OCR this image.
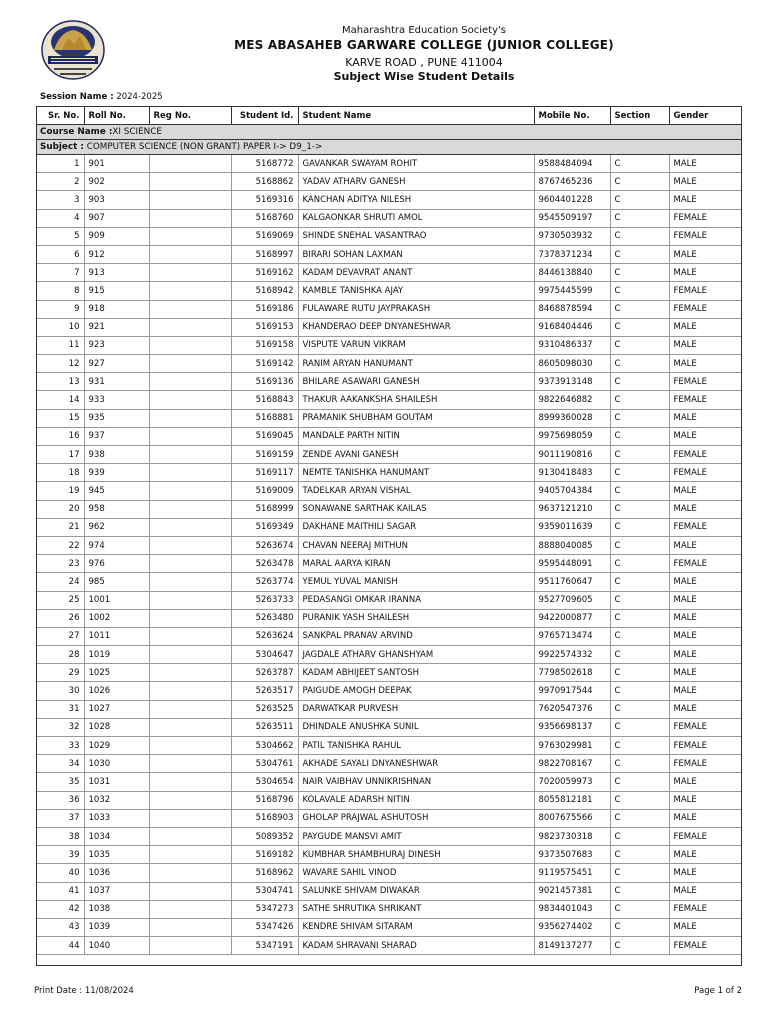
Maharashtra Education Society's
MES ABASAHEB GARWARE COLLEGE (JUNIOR COLLEGE)
KARVE ROAD , PUNE 411004
Subject Wise Student Details
Session Name : 2024-2025
Sr. No.	Roll No.	Reg No.	Student Id.	Student Name	Mobile No.	Section	Gender
Course Name :XI SCIENCE							
Subject : COMPUTER SCIENCE (NON GRANT) PAPER I-> D9_1->							
1	901		5168772	GAVANKAR SWAYAM ROHIT	9588484094	C	MALE
2	902		5168862	YADAV ATHARV GANESH	8767465236	C	MALE
3	903		5169316	KANCHAN ADITYA NILESH	9604401228	C	MALE
4	907		5168760	KALGAONKAR SHRUTI AMOL	9545509197	C	FEMALE
5	909		5169069	SHINDE SNEHAL VASANTRAO	9730503932	C	FEMALE
6	912		5168997	BIRARI SOHAN LAXMAN	7378371234	C	MALE
7	913		5169162	KADAM DEVAVRAT ANANT	8446138840	C	MALE
8	915		5168942	KAMBLE TANISHKA AJAY	9975445599	C	FEMALE
9	918		5169186	FULAWARE RUTU JAYPRAKASH	8468878594	C	FEMALE
10	921		5169153	KHANDERAO DEEP DNYANESHWAR	9168404446	C	MALE
11	923		5169158	VISPUTE VARUN VIKRAM	9310486337	C	MALE
12	927		5169142	RANIM ARYAN HANUMANT	8605098030	C	MALE
13	931		5169136	BHILARE ASAWARI GANESH	9373913148	C	FEMALE
14	933		5168843	THAKUR AAKANKSHA SHAILESH	9822646882	C	FEMALE
15	935		5168881	PRAMANIK SHUBHAM GOUTAM	8999360028	C	MALE
16	937		5169045	MANDALE PARTH NITIN	9975698059	C	MALE
17	938		5169159	ZENDE AVANI GANESH	9011190816	C	FEMALE
18	939		5169117	NEMTE TANISHKA HANUMANT	9130418483	C	FEMALE
19	945		5169009	TADELKAR ARYAN VISHAL	9405704384	C	MALE
20	958		5168999	SONAWANE SARTHAK KAILAS	9637121210	C	MALE
21	962		5169349	DAKHANE MAITHILI SAGAR	9359011639	C	FEMALE
22	974		5263674	CHAVAN NEERAJ MITHUN	8888040085	C	MALE
23	976		5263478	MARAL AARYA KIRAN	9595448091	C	FEMALE
24	985		5263774	YEMUL YUVAL MANISH	9511760647	C	MALE
25	1001		5263733	PEDASANGI OMKAR IRANNA	9527709605	C	MALE
26	1002		5263480	PURANIK YASH SHAILESH	9422000877	C	MALE
27	1011		5263624	SANKPAL PRANAV ARVIND	9765713474	C	MALE
28	1019		5304647	JAGDALE ATHARV GHANSHYAM	9922574332	C	MALE
29	1025		5263787	KADAM ABHIJEET SANTOSH	7798502618	C	MALE
30	1026		5263517	PAIGUDE AMOGH DEEPAK	9970917544	C	MALE
31	1027		5263525	DARWATKAR PURVESH	7620547376	C	MALE
32	1028		5263511	DHINDALE ANUSHKA SUNIL	9356698137	C	FEMALE
33	1029		5304662	PATIL TANISHKA RAHUL	9763029981	C	FEMALE
34	1030		5304761	AKHADE SAYALI DNYANESHWAR	9822708167	C	FEMALE
35	1031		5304654	NAIR VAIBHAV UNNIKRISHNAN	7020059973	C	MALE
36	1032		5168796	KOLAVALE ADARSH NITIN	8055812181	C	MALE
37	1033		5168903	GHOLAP PRAJWAL ASHUTOSH	8007675566	C	MALE
38	1034		5089352	PAYGUDE MANSVI AMIT	9823730318	C	FEMALE
39	1035		5169182	KUMBHAR SHAMBHURAJ DINESH	9373507683	C	MALE
40	1036		5168962	WAVARE SAHIL VINOD	9119575451	C	MALE
41	1037		5304741	SALUNKE SHIVAM DIWAKAR	9021457381	C	MALE
42	1038		5347273	SATHE SHRUTIKA SHRIKANT	9834401043	C	FEMALE
43	1039		5347426	KENDRE SHIVAM SITARAM	9356274402	C	MALE
44	1040		5347191	KADAM SHRAVANI SHARAD	8149137277	C	FEMALE
Print Date : 11/08/2024	Page 1 of 2
